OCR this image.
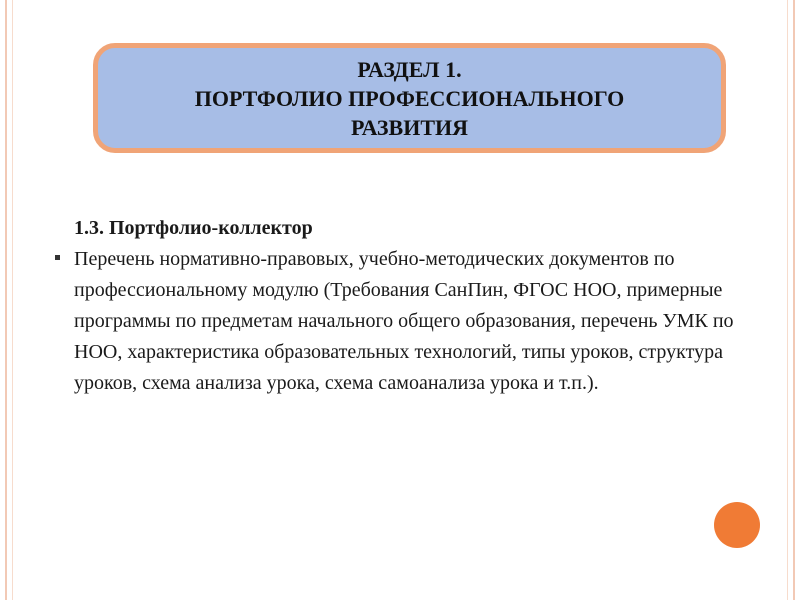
РАЗДЕЛ 1.
ПОРТФОЛИО ПРОФЕССИОНАЛЬНОГО
РАЗВИТИЯ
1.3. Портфолио-коллектор
Перечень нормативно-правовых, учебно-методических документов по профессиональному модулю (Требования СанПин, ФГОС НОО, примерные программы по предметам начального общего образования, перечень УМК по НОО, характеристика образовательных технологий, типы уроков, структура уроков, схема анализа урока, схема самоанализа урока и т.п.).
